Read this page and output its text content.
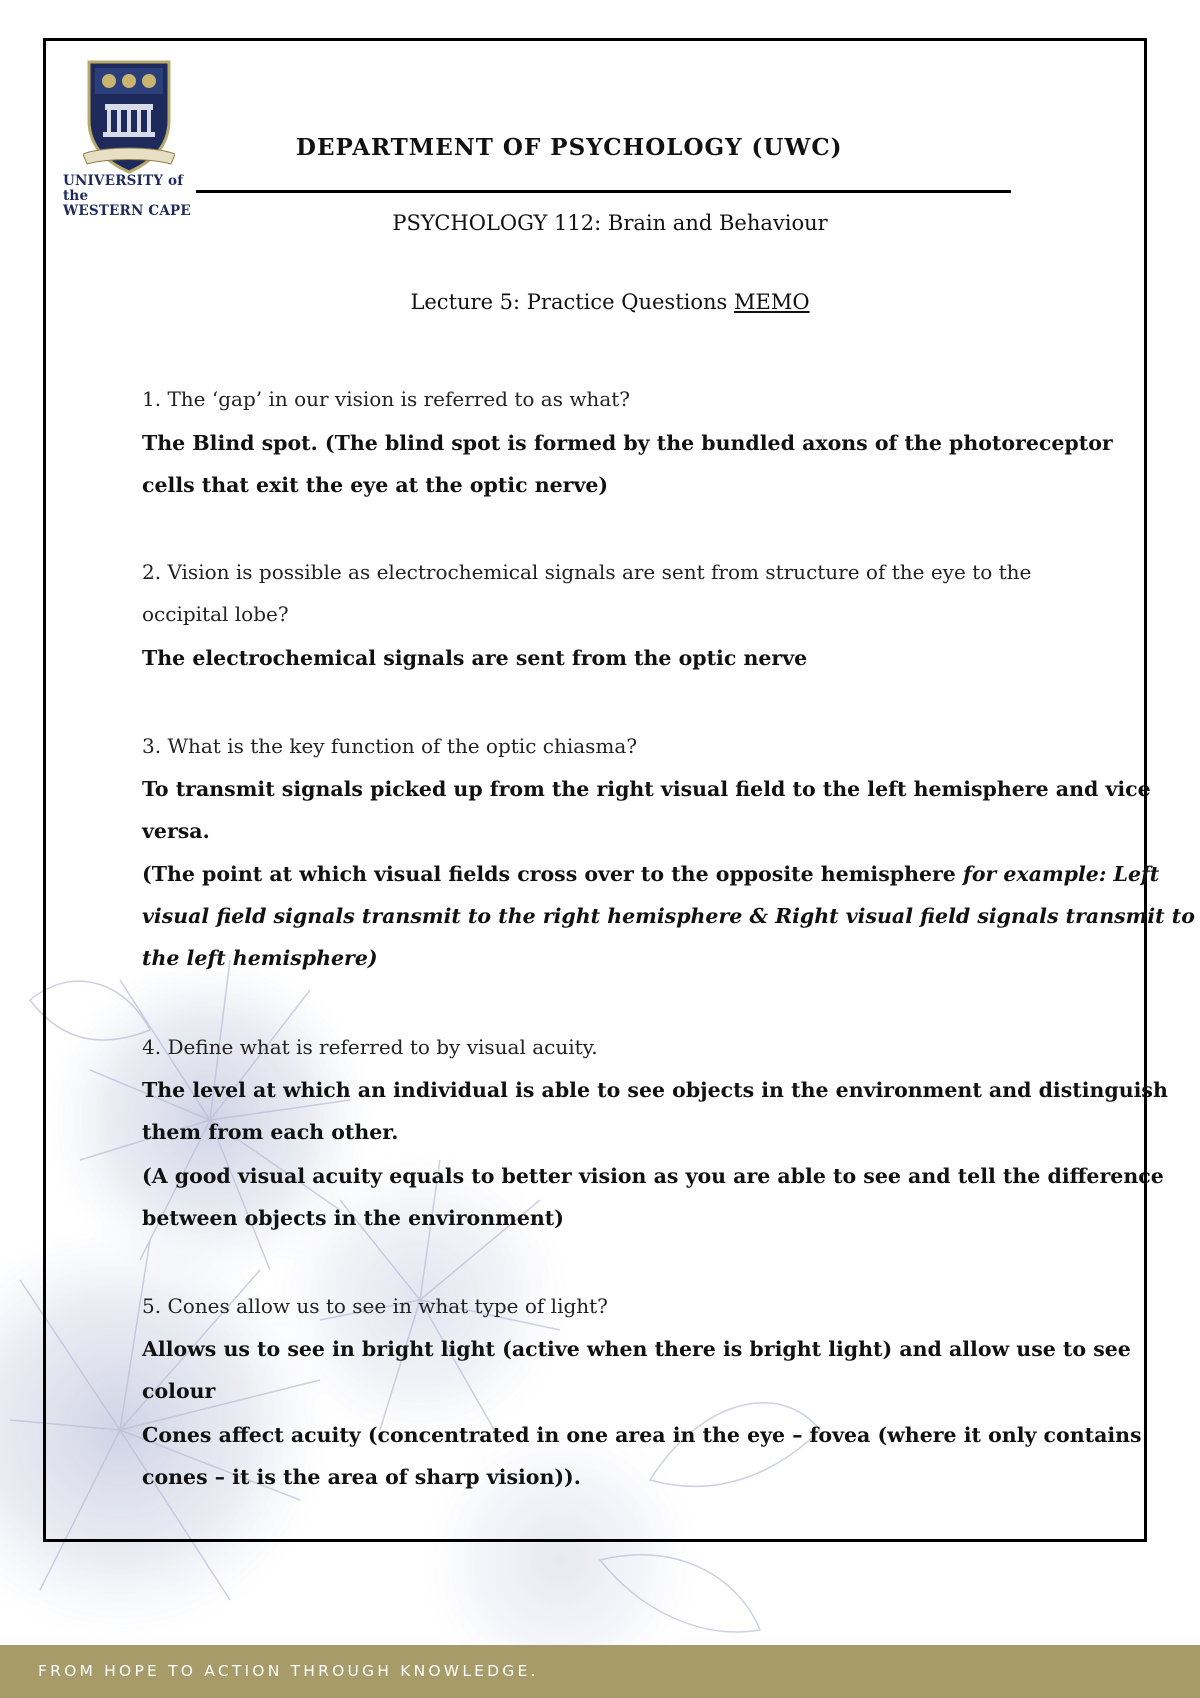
UNIVERSITY of the
WESTERN CAPE
DEPARTMENT OF PSYCHOLOGY (UWC)
PSYCHOLOGY 112: Brain and Behaviour
Lecture 5: Practice Questions MEMO
1. The ‘gap’ in our vision is referred to as what?
The Blind spot. (The blind spot is formed by the bundled axons of the photoreceptor
cells that exit the eye at the optic nerve)
2. Vision is possible as electrochemical signals are sent from structure of the eye to the
occipital lobe?
The electrochemical signals are sent from the optic nerve
3. What is the key function of the optic chiasma?
To transmit signals picked up from the right visual field to the left hemisphere and vice
versa.
(The point at which visual fields cross over to the opposite hemisphere for example: Left
visual field signals transmit to the right hemisphere & Right visual field signals transmit to
the left hemisphere)
4. Define what is referred to by visual acuity.
The level at which an individual is able to see objects in the environment and distinguish
them from each other.
(A good visual acuity equals to better vision as you are able to see and tell the difference
between objects in the environment)
5. Cones allow us to see in what type of light?
Allows us to see in bright light (active when there is bright light) and allow use to see
colour
Cones affect acuity (concentrated in one area in the eye – fovea (where it only contains
cones – it is the area of sharp vision)).
FROM HOPE TO ACTION THROUGH KNOWLEDGE.
